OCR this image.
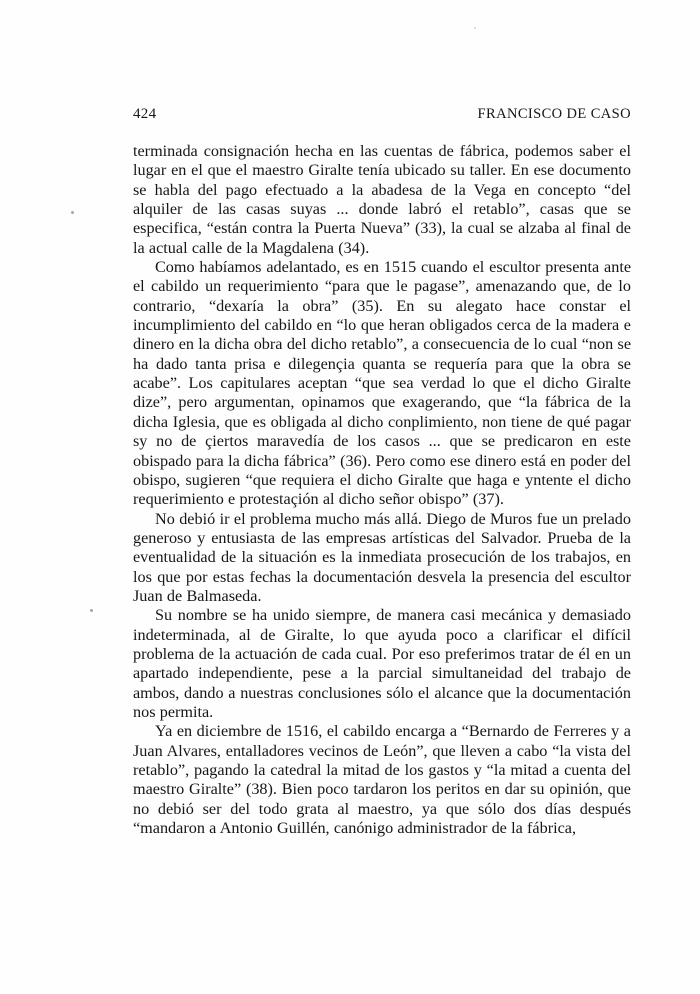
424	FRANCISCO DE CASO

terminada consignación hecha en las cuentas de fábrica, podemos saber el lugar en el que el maestro Giralte tenía ubicado su taller. En ese documento se habla del pago efectuado a la abadesa de la Vega en concepto “del alquiler de las casas suyas ... donde labró el retablo”, casas que se especifica, “están contra la Puerta Nueva” (33), la cual se alzaba al final de la actual calle de la Magdalena (34).

Como habíamos adelantado, es en 1515 cuando el escultor presenta ante el cabildo un requerimiento “para que le pagase”, amenazando que, de lo contrario, “dexaría la obra” (35). En su alegato hace constar el incumplimiento del cabildo en “lo que heran obligados cerca de la madera e dinero en la dicha obra del dicho retablo”, a consecuencia de lo cual “non se ha dado tanta prisa e dilegençia quanta se requería para que la obra se acabe”. Los capitulares aceptan “que sea verdad lo que el dicho Giralte dize”, pero argumentan, opinamos que exagerando, que “la fábrica de la dicha Iglesia, que es obligada al dicho conplimiento, non tiene de qué pagar sy no de çiertos maravedía de los casos ... que se predicaron en este obispado para la dicha fábrica” (36). Pero como ese dinero está en poder del obispo, sugieren “que requiera el dicho Giralte que haga e yntente el dicho requerimiento e protestaçión al dicho señor obispo” (37).

No debió ir el problema mucho más allá. Diego de Muros fue un prelado generoso y entusiasta de las empresas artísticas del Salvador. Prueba de la eventualidad de la situación es la inmediata prosecución de los trabajos, en los que por estas fechas la documentación desvela la presencia del escultor Juan de Balmaseda.

Su nombre se ha unido siempre, de manera casi mecánica y demasiado indeterminada, al de Giralte, lo que ayuda poco a clarificar el difícil problema de la actuación de cada cual. Por eso preferimos tratar de él en un apartado independiente, pese a la parcial simultaneidad del trabajo de ambos, dando a nuestras conclusiones sólo el alcance que la documentación nos permita.

Ya en diciembre de 1516, el cabildo encarga a “Bernardo de Ferreres y a Juan Alvares, entalladores vecinos de León”, que lleven a cabo “la vista del retablo”, pagando la catedral la mitad de los gastos y “la mitad a cuenta del maestro Giralte” (38). Bien poco tardaron los peritos en dar su opinión, que no debió ser del todo grata al maestro, ya que sólo dos días después “mandaron a Antonio Guillén, canónigo administrador de la fábrica,
